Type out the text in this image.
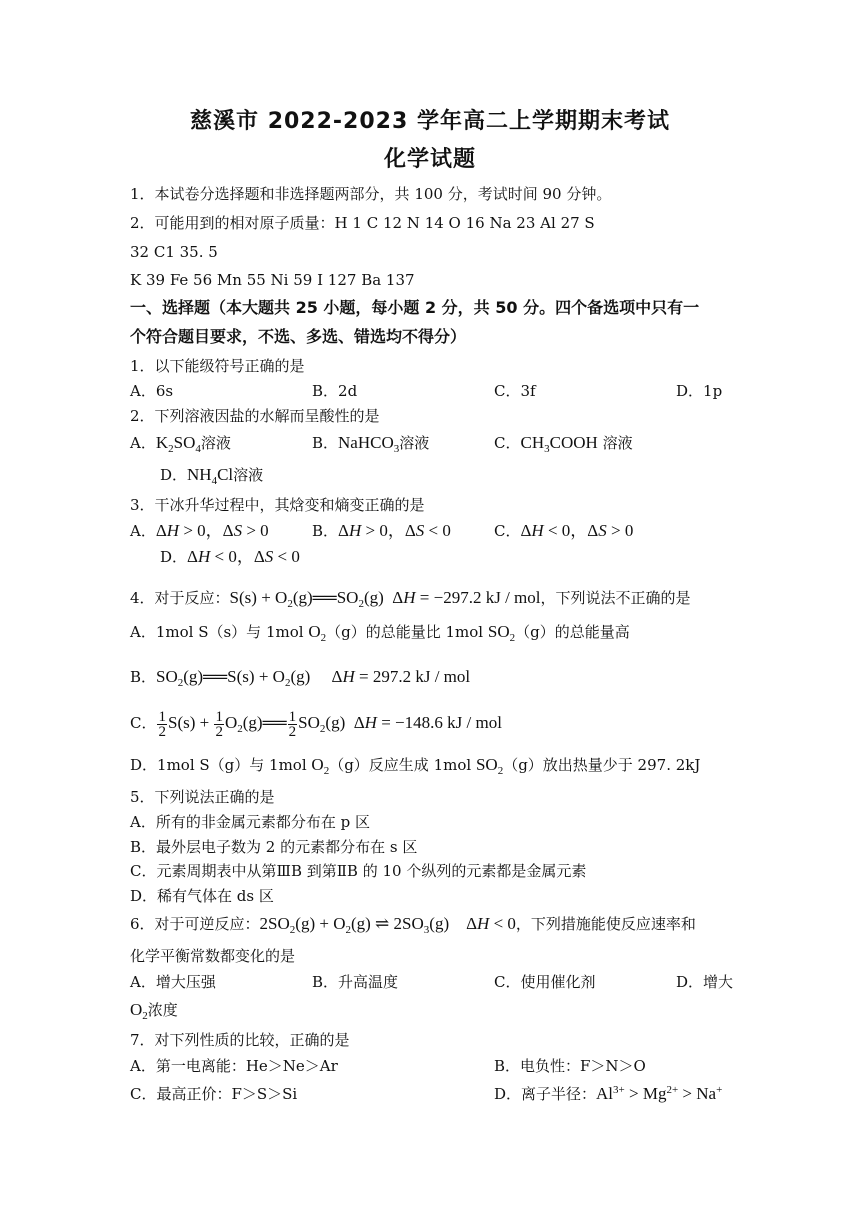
慈溪市 2022-2023 学年高二上学期期末考试
化学试题
1．本试卷分选择题和非选择题两部分，共 100 分，考试时间 90 分钟。
2．可能用到的相对原子质量：H 1 C 12 N 14 O 16 Na 23 Al 27 S
32 C1 35. 5
K 39 Fe 56 Mn 55 Ni 59 I 127 Ba 137
一、选择题（本大题共 25 小题，每小题 2 分，共 50 分。四个备选项中只有一
个符合题目要求，不选、多选、错选均不得分）
1．以下能级符号正确的是
A．6s	B．2d	C．3f	D．1p
2．下列溶液因盐的水解而呈酸性的是
A．$K_2SO_4$溶液	B．NaHCO$_3$溶液	C．$CH_3COOH$ 溶液
D．$NH_4Cl$溶液
3．干冰升华过程中，其焓变和熵变正确的是
A．ΔH > 0，ΔS > 0	B．ΔH > 0，ΔS < 0	C．ΔH < 0，ΔS > 0
D．ΔH < 0，ΔS < 0
4．对于反应：$S(s) + O_2(g)══SO_2(g) \Delta H = -297.2$ kJ / mol，下列说法不正确的是
A．1mol S（s）与 1mol $O_2(g)$的总能量比 1mol $SO_2(g)$的总能量高
B．$SO_2(g)══S(s) + O_2(g)$     ΔH = 297.2 kJ / mol
C． $\frac{1}{2} S(s) + \frac{1}{2}$ $O_2(g)══ \frac{1}{2} SO_2(g) \Delta H = -148.6$ kJ / mol
D．1mol S（g）与 1mol $O_2(g)$反应生成 1mol $SO_2(g)$放出热量少于 297. 2kJ
5．下列说法正确的是
A．所有的非金属元素都分布在 p 区
B．最外层电子数为 2 的元素都分布在 s 区
C．元素周期表中从第ⅢB 到第ⅡB 的 10 个纵列的元素都是金属元素
D．稀有气体在 ds 区
6．对于可逆反应：$2SO_2(g) + O_2(g)$ ⇌ $2SO_3(g)$    ΔH < 0，下列措施能使反应速率和
化学平衡常数都变化的是
A．增大压强	B．升高温度	C．使用催化剂	D．增大
$O_2$浓度
7．对下列性质的比较，正确的是
A．第一电离能：He＞Ne＞Ar	B．电负性：F＞N＞O
C．最高正价：F＞S＞Si	D．离子半径：$Al^{3+} > Mg^{2+} > Na^+$
